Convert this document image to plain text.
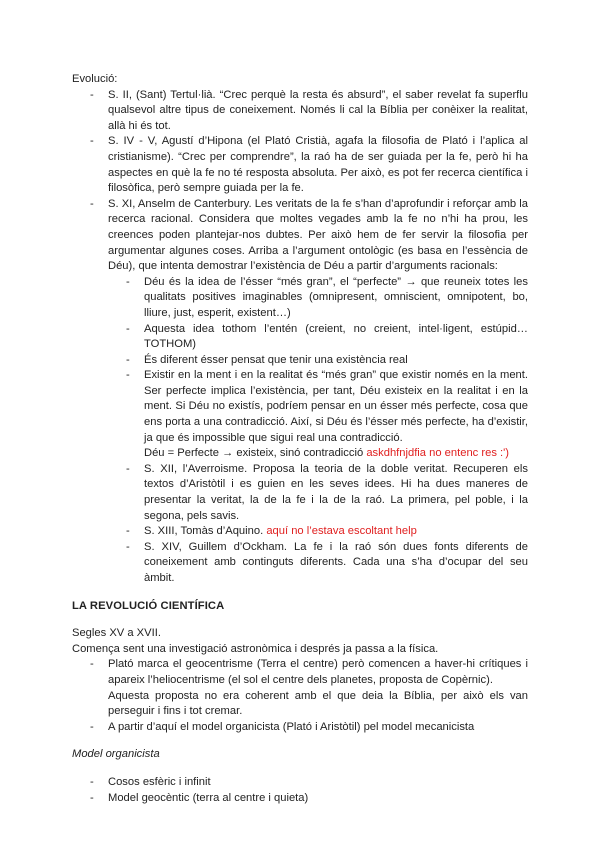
Evolució:

- S. II, (Sant) Tertul·lià. “Crec perquè la resta és absurd”, el saber revelat fa superflu qualsevol altre tipus de coneixement. Només li cal la Bíblia per conèixer la realitat, allà hi és tot.

- S. IV - V, Agustí d’Hipona (el Plató Cristià, agafa la filosofia de Plató i l’aplica al cristianisme). “Crec per comprendre”, la raó ha de ser guiada per la fe, però hi ha aspectes en què la fe no té resposta absoluta. Per això, es pot fer recerca científica i filosòfica, però sempre guiada per la fe.

- S. XI, Anselm de Canterbury. Les veritats de la fe s’han d’aprofundir i reforçar amb la recerca racional. Considera que moltes vegades amb la fe no n’hi ha prou, les creences poden plantejar-nos dubtes. Per això hem de fer servir la filosofia per argumentar algunes coses. Arriba a l’argument ontològic (es basa en l’essència de Déu), que intenta demostrar l’existència de Déu a partir d’arguments racionals:

- Déu és la idea de l’ésser “més gran”, el “perfecte” → que reuneix totes les qualitats positives imaginables (omnipresent, omniscient, omnipotent, bo, lliure, just, esperit, existent…)

- Aquesta idea tothom l’entén (creient, no creient, intel·ligent, estúpid… TOTHOM)

- És diferent ésser pensat que tenir una existència real

- Existir en la ment i en la realitat és “més gran” que existir només en la ment. Ser perfecte implica l’existència, per tant, Déu existeix en la realitat i en la ment. Si Déu no existís, podríem pensar en un ésser més perfecte, cosa que ens porta a una contradicció. Així, si Déu és l’ésser més perfecte, ha d’existir, ja que és impossible que sigui real una contradicció.

Déu = Perfecte → existeix, sinó contradicció askdhfnjdfia no entenc res :')

- S. XII, l’Averroisme. Proposa la teoria de la doble veritat. Recuperen els textos d’Aristòtil i es guien en les seves idees. Hi ha dues maneres de presentar la veritat, la de la fe i la de la raó. La primera, pel poble, i la segona, pels savis.

- S. XIII, Tomàs d’Aquino. aquí no l’estava escoltant help

- S. XIV, Guillem d’Ockham. La fe i la raó són dues fonts diferents de coneixement amb continguts diferents. Cada una s’ha d’ocupar del seu àmbit.

LA REVOLUCIÓ CIENTÍFICA

Segles XV a XVII.

Comença sent una investigació astronòmica i després ja passa a la física.

- Plató marca el geocentrisme (Terra el centre) però comencen a haver-hi crítiques i apareix l’heliocentrisme (el sol el centre dels planetes, proposta de Copèrnic).

Aquesta proposta no era coherent amb el que deia la Bíblia, per això els van perseguir i fins i tot cremar.

- A partir d’aquí el model organicista (Plató i Aristòtil) pel model mecanicista

Model organicista

- Cosos esfèric i infinit

- Model geocèntic (terra al centre i quieta)
